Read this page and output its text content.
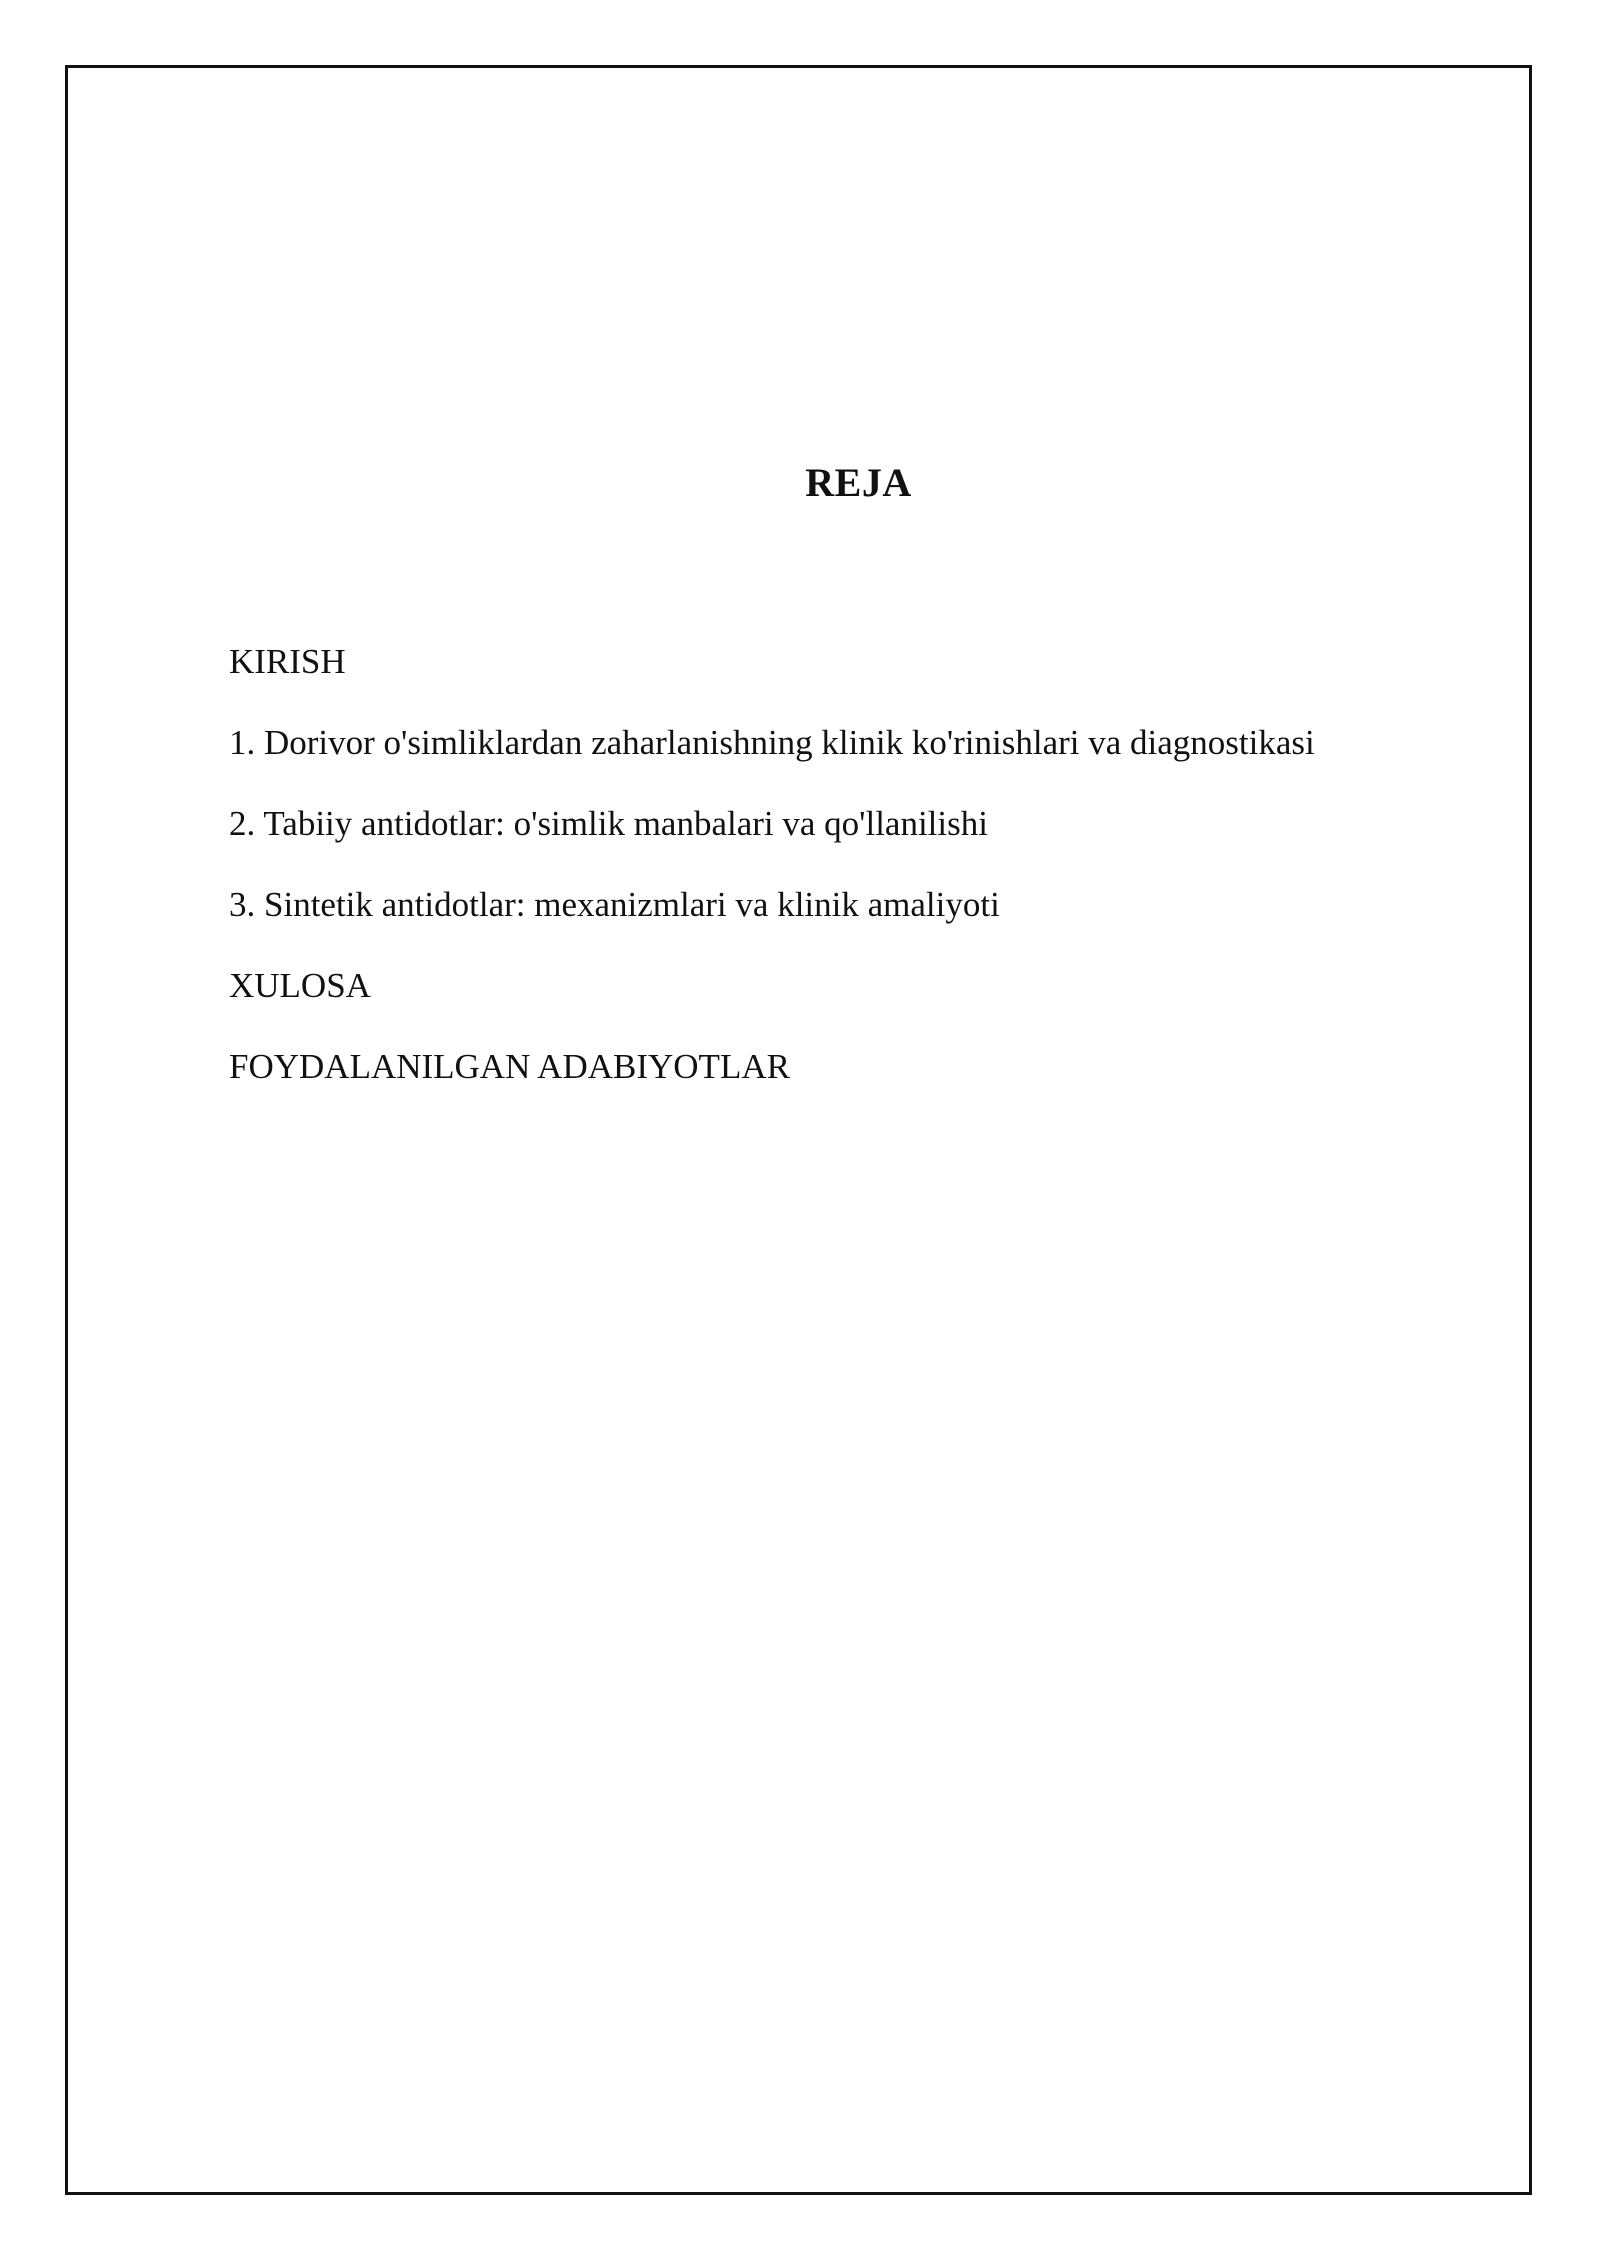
REJA
KIRISH
1. Dorivor o'simliklardan zaharlanishning klinik ko'rinishlari va diagnostikasi
2. Tabiiy antidotlar: o'simlik manbalari va qo'llanilishi
3. Sintetik antidotlar: mexanizmlari va klinik amaliyoti
XULOSA
FOYDALANILGAN ADABIYOTLAR
